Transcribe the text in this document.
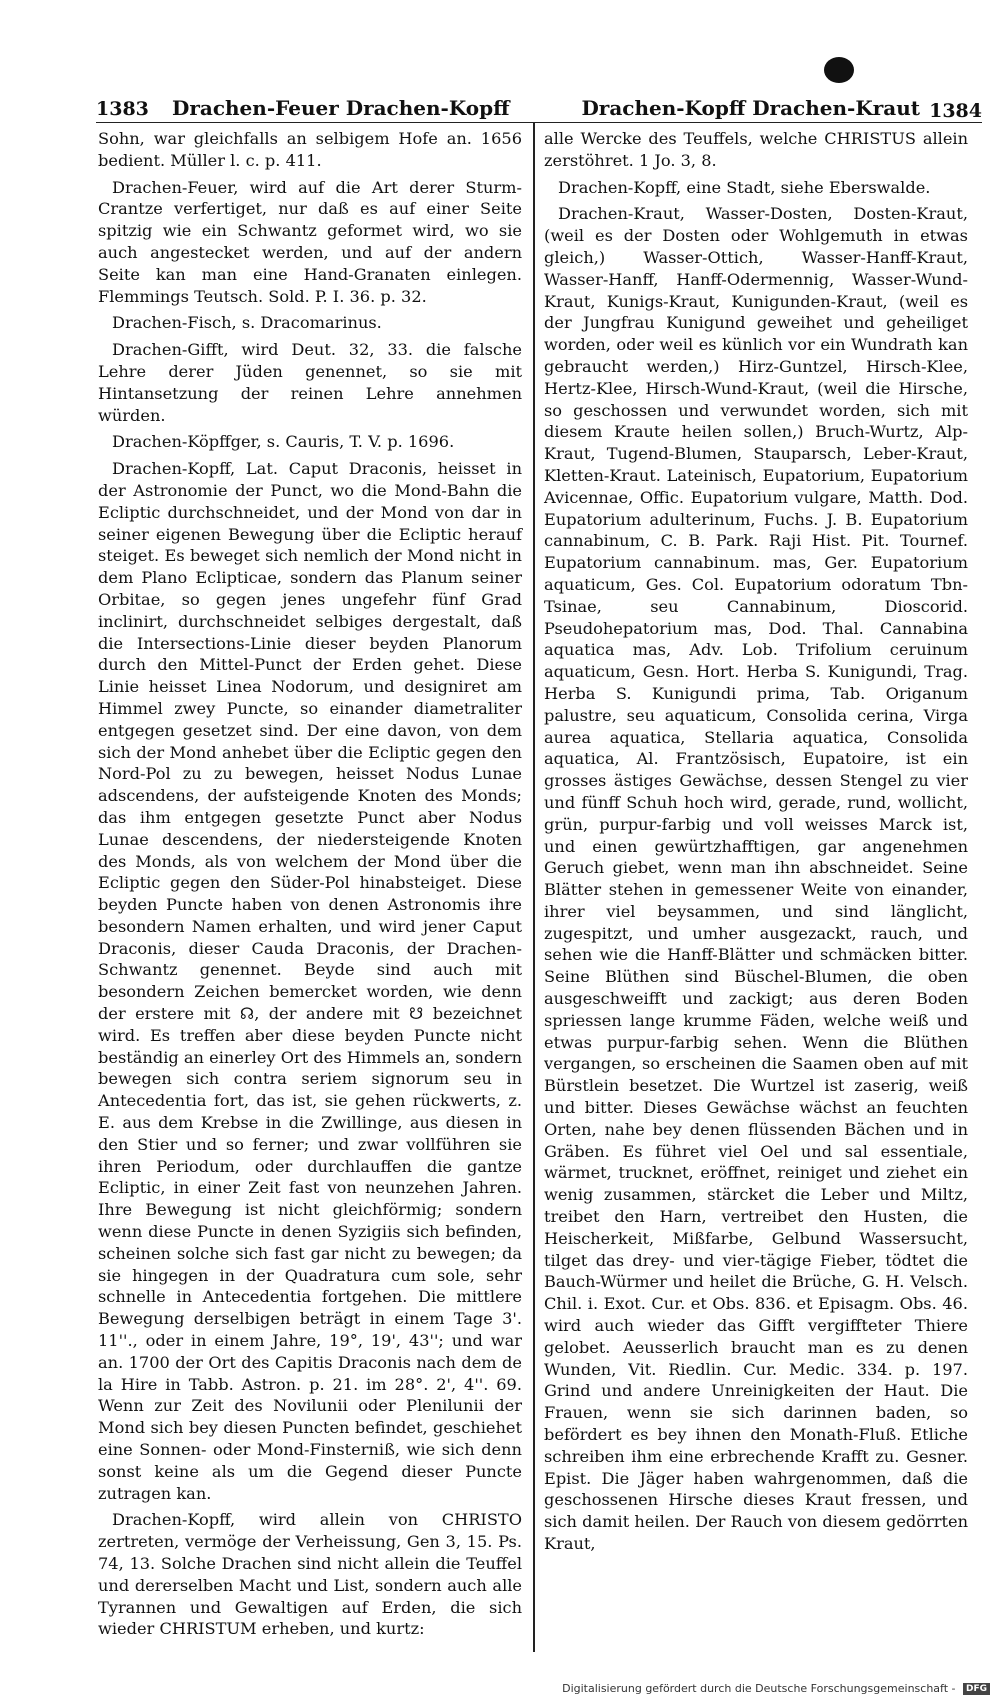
1383 Drachen-Feuer Drachen-Kopff	Drachen-Kopff Drachen-Kraut 1384

Sohn, war gleichfalls an selbigem Hofe an. 1656 bedient. Müller l. c. p. 411.

Drachen-Feuer, wird auf die Art derer Sturm-Crantze verfertiget, nur daß es auf einer Seite spitzig wie ein Schwantz geformet wird, wo sie auch angestecket werden, und auf der andern Seite kan man eine Hand-Granaten einlegen. Flemmings Teutsch. Sold. P. I. 36. p. 32.

Drachen-Fisch, s. Dracomarinus.

Drachen-Gifft, wird Deut. 32, 33. die falsche Lehre derer Jüden genennet, so sie mit Hintansetzung der reinen Lehre annehmen würden.

Drachen-Köpffger, s. Cauris, T. V. p. 1696.

Drachen-Kopff, Lat. Caput Draconis, heisset in der Astronomie der Punct, wo die Mond-Bahn die Ecliptic durchschneidet, und der Mond von dar in seiner eigenen Bewegung über die Ecliptic herauf steiget. Es beweget sich nemlich der Mond nicht in dem Plano Eclipticae, sondern das Planum seiner Orbitae, so gegen jenes ungefehr fünf Grad inclinirt, durchschneidet selbiges dergestalt, daß die Intersections-Linie dieser beyden Planorum durch den Mittel-Punct der Erden gehet. Diese Linie heisset Linea Nodorum, und designiret am Himmel zwey Puncte, so einander diametraliter entgegen gesetzet sind. Der eine davon, von dem sich der Mond anhebet über die Ecliptic gegen den Nord-Pol zu zu bewegen, heisset Nodus Lunae adscendens, der aufsteigende Knoten des Monds; das ihm entgegen gesetzte Punct aber Nodus Lunae descendens, der niedersteigende Knoten des Monds, als von welchem der Mond über die Ecliptic gegen den Süder-Pol hinabsteiget. Diese beyden Puncte haben von denen Astronomis ihre besondern Namen erhalten, und wird jener Caput Draconis, dieser Cauda Draconis, der Drachen-Schwantz genennet. Beyde sind auch mit besondern Zeichen bemercket worden, wie denn der erstere mit ☊, der andere mit ☋ bezeichnet wird. Es treffen aber diese beyden Puncte nicht beständig an einerley Ort des Himmels an, sondern bewegen sich contra seriem signorum seu in Antecedentia fort, das ist, sie gehen rückwerts, z. E. aus dem Krebse in die Zwillinge, aus diesen in den Stier und so ferner; und zwar vollführen sie ihren Periodum, oder durchlauffen die gantze Ecliptic, in einer Zeit fast von neunzehen Jahren. Ihre Bewegung ist nicht gleichförmig; sondern wenn diese Puncte in denen Syzigiis sich befinden, scheinen solche sich fast gar nicht zu bewegen; da sie hingegen in der Quadratura cum sole, sehr schnelle in Antecedentia fortgehen. Die mittlere Bewegung derselbigen beträgt in einem Tage 3'. 11''., oder in einem Jahre, 19°, 19', 43''; und war an. 1700 der Ort des Capitis Draconis nach dem de la Hire in Tabb. Astron. p. 21. im 28°. 2', 4''. 69. Wenn zur Zeit des Novilunii oder Plenilunii der Mond sich bey diesen Puncten befindet, geschiehet eine Sonnen- oder Mond-Finsterniß, wie sich denn sonst keine als um die Gegend dieser Puncte zutragen kan.

Drachen-Kopff, wird allein von CHRISTO zertreten, vermöge der Verheissung, Gen 3, 15. Ps. 74, 13. Solche Drachen sind nicht allein die Teuffel und dererselben Macht und List, sondern auch alle Tyrannen und Gewaltigen auf Erden, die sich wieder CHRISTUM erheben, und kurtz:

alle Wercke des Teuffels, welche CHRISTUS allein zerstöhret. 1 Jo. 3, 8.

Drachen-Kopff, eine Stadt, siehe Eberswalde.

Drachen-Kraut, Wasser-Dosten, Dosten-Kraut, (weil es der Dosten oder Wohlgemuth in etwas gleich,) Wasser-Ottich, Wasser-Hanff-Kraut, Wasser-Hanff, Hanff-Odermennig, Wasser-Wund-Kraut, Kunigs-Kraut, Kunigunden-Kraut, (weil es der Jungfrau Kunigund geweihet und geheiliget worden, oder weil es künlich vor ein Wundrath kan gebraucht werden,) Hirz-Guntzel, Hirsch-Klee, Hertz-Klee, Hirsch-Wund-Kraut, (weil die Hirsche, so geschossen und verwundet worden, sich mit diesem Kraute heilen sollen,) Bruch-Wurtz, Alp-Kraut, Tugend-Blumen, Stauparsch, Leber-Kraut, Kletten-Kraut. Lateinisch, Eupatorium, Eupatorium Avicennae, Offic. Eupatorium vulgare, Matth. Dod. Eupatorium adulterinum, Fuchs. J. B. Eupatorium cannabinum, C. B. Park. Raji Hist. Pit. Tournef. Eupatorium cannabinum. mas, Ger. Eupatorium aquaticum, Ges. Col. Eupatorium odoratum Tbn-Tsinae, seu Cannabinum, Dioscorid. Pseudohepatorium mas, Dod. Thal. Cannabina aquatica mas, Adv. Lob. Trifolium ceruinum aquaticum, Gesn. Hort. Herba S. Kunigundi, Trag. Herba S. Kunigundi prima, Tab. Origanum palustre, seu aquaticum, Consolida cerina, Virga aurea aquatica, Stellaria aquatica, Consolida aquatica, Al. Frantzösisch, Eupatoire, ist ein grosses ästiges Gewächse, dessen Stengel zu vier und fünff Schuh hoch wird, gerade, rund, wollicht, grün, purpur-farbig und voll weisses Marck ist, und einen gewürtzhafftigen, gar angenehmen Geruch giebet, wenn man ihn abschneidet. Seine Blätter stehen in gemessener Weite von einander, ihrer viel beysammen, und sind länglicht, zugespitzt, und umher ausgezackt, rauch, und sehen wie die Hanff-Blätter und schmäcken bitter. Seine Blüthen sind Büschel-Blumen, die oben ausgeschweifft und zackigt; aus deren Boden spriessen lange krumme Fäden, welche weiß und etwas purpur-farbig sehen. Wenn die Blüthen vergangen, so erscheinen die Saamen oben auf mit Bürstlein besetzet. Die Wurtzel ist zaserig, weiß und bitter. Dieses Gewächse wächst an feuchten Orten, nahe bey denen flüssenden Bächen und in Gräben. Es führet viel Oel und sal essentiale, wärmet, trucknet, eröffnet, reiniget und ziehet ein wenig zusammen, stärcket die Leber und Miltz, treibet den Harn, vertreibet den Husten, die Heischerkeit, Mißfarbe, Gelbund Wassersucht, tilget das drey- und vier-tägige Fieber, tödtet die Bauch-Würmer und heilet die Brüche, G. H. Velsch. Chil. i. Exot. Cur. et Obs. 836. et Episagm. Obs. 46. wird auch wieder das Gifft vergiffteter Thiere gelobet. Aeusserlich braucht man es zu denen Wunden, Vit. Riedlin. Cur. Medic. 334. p. 197. Grind und andere Unreinigkeiten der Haut. Die Frauen, wenn sie sich darinnen baden, so befördert es bey ihnen den Monath-Fluß. Etliche schreiben ihm eine erbrechende Krafft zu. Gesner. Epist. Die Jäger haben wahrgenommen, daß die geschossenen Hirsche dieses Kraut fressen, und sich damit heilen. Der Rauch von diesem gedörrten Kraut,

Digitalisierung gefördert durch die Deutsche Forschungsgemeinschaft - DFG
